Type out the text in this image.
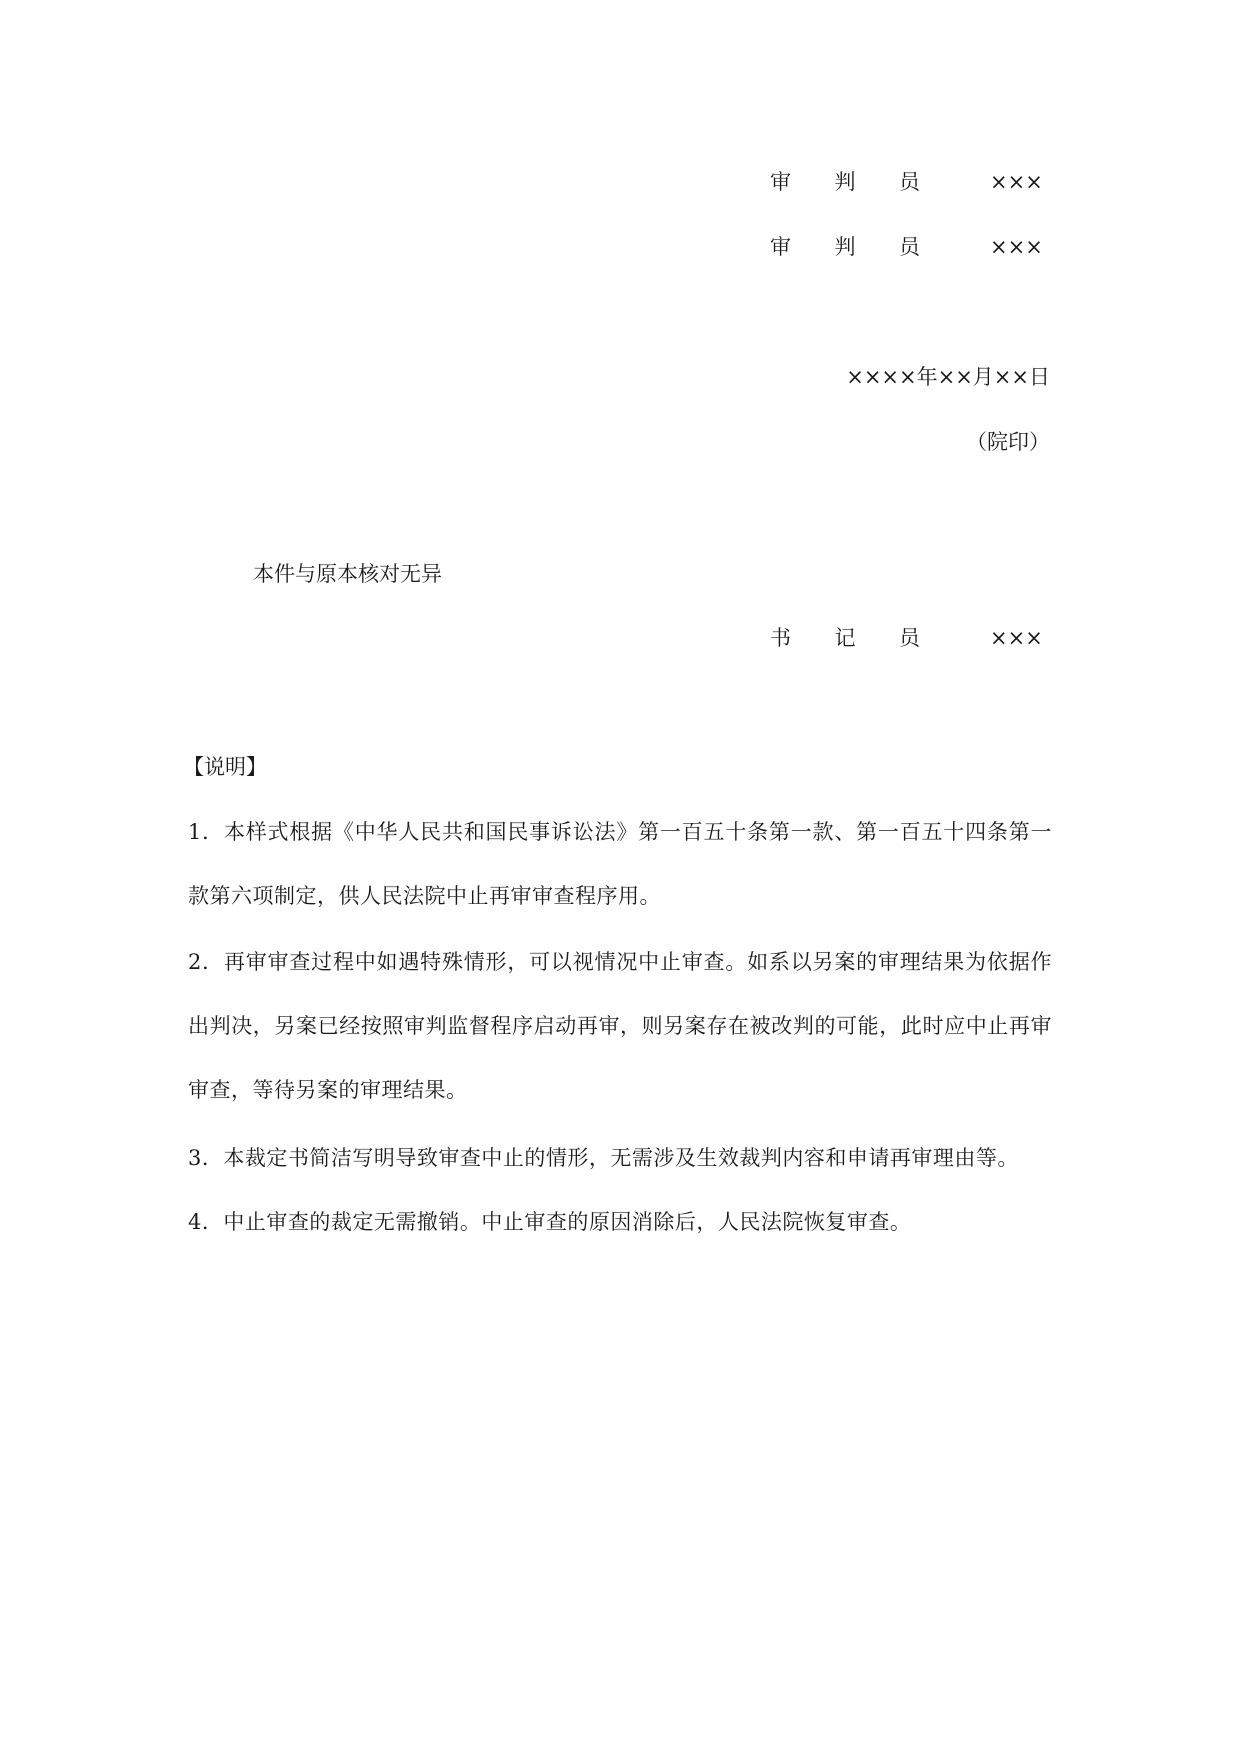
审判员	×××
审判员	×××
××××年××月××日
（院印）
本件与原本核对无异
书记员	×××
【说明】
1．本样式根据《中华人民共和国民事诉讼法》第一百五十条第一款、第一百五十四条第一款第六项制定，供人民法院中止再审审查程序用。
2．再审审查过程中如遇特殊情形，可以视情况中止审查。如系以另案的审理结果为依据作出判决，另案已经按照审判监督程序启动再审，则另案存在被改判的可能，此时应中止再审审查，等待另案的审理结果。
3．本裁定书简洁写明导致审查中止的情形，无需涉及生效裁判内容和申请再审理由等。
4．中止审查的裁定无需撤销。中止审查的原因消除后，人民法院恢复审查。
